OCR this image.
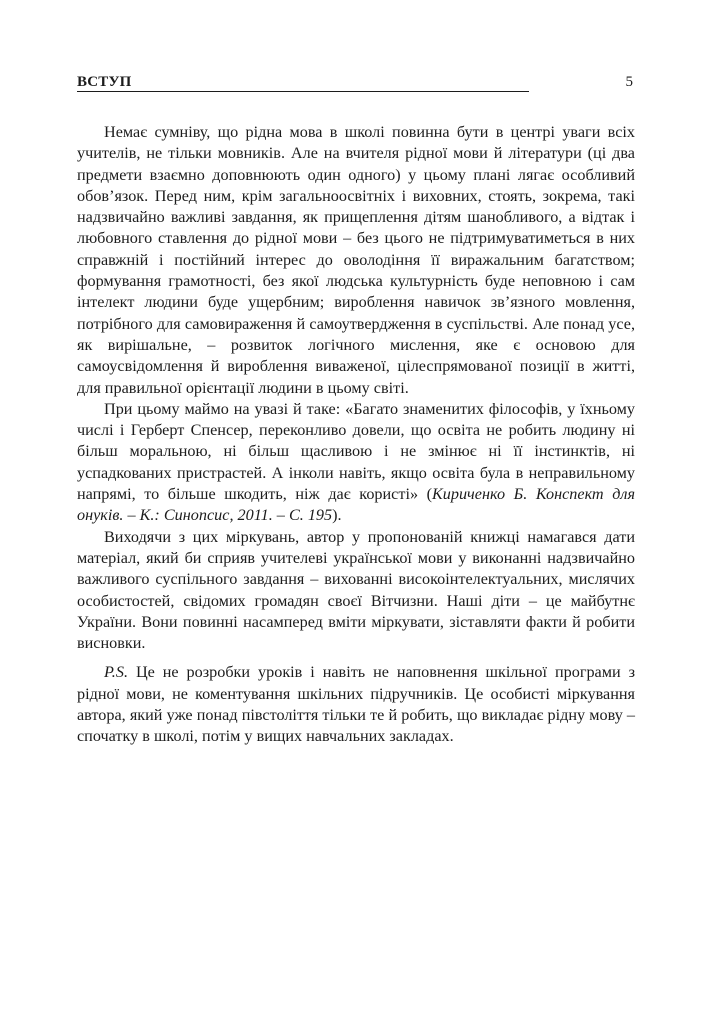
ВСТУП	5

Немає сумніву, що рідна мова в школі повинна бути в центрі уваги всіх учителів, не тільки мовників. Але на вчителя рідної мови й літератури (ці два предмети взаємно доповнюють один одного) у цьому плані лягає особливий обов’язок. Перед ним, крім загальноосвітніх і виховних, стоять, зокрема, такі надзвичайно важливі завдання, як прищеплення дітям шанобливого, а відтак і любовного ставлення до рідної мови – без цього не підтримуватиметься в них справжній і постійний інтерес до оволодіння її виражальним багатством; формування грамотності, без якої людська культурність буде неповною і сам інтелект людини буде ущербним; вироблення навичок зв’язного мовлення, потрібного для самовираження й самоутвердження в суспільстві. Але понад усе, як вирішальне, – розвиток логічного мислення, яке є основою для самоусвідомлення й вироблення виваженої, цілеспрямованої позиції в житті, для правильної орієнтації людини в цьому світі.

При цьому маймо на увазі й таке: «Багато знаменитих філософів, у їхньому числі і Герберт Спенсер, переконливо довели, що освіта не робить людину ні більш моральною, ні більш щасливою і не змінює ні її інстинктів, ні успадкованих пристрастей. А інколи навіть, якщо освіта була в неправильному напрямі, то більше шкодить, ніж дає користі» (Кириченко Б. Конспект для онуків. – К.: Синопсис, 2011. – С. 195).

Виходячи з цих міркувань, автор у пропонованій книжці намагався дати матеріал, який би сприяв учителеві української мови у виконанні надзвичайно важливого суспільного завдання – вихованні високоінтелектуальних, мислячих особистостей, свідомих громадян своєї Вітчизни. Наші діти – це майбутнє України. Вони повинні насамперед вміти міркувати, зіставляти факти й робити висновки.

P.S. Це не розробки уроків і навіть не наповнення шкільної програми з рідної мови, не коментування шкільних підручників. Це особисті міркування автора, який уже понад півстоліття тільки те й робить, що викладає рідну мову – спочатку в школі, потім у вищих навчальних закладах.
